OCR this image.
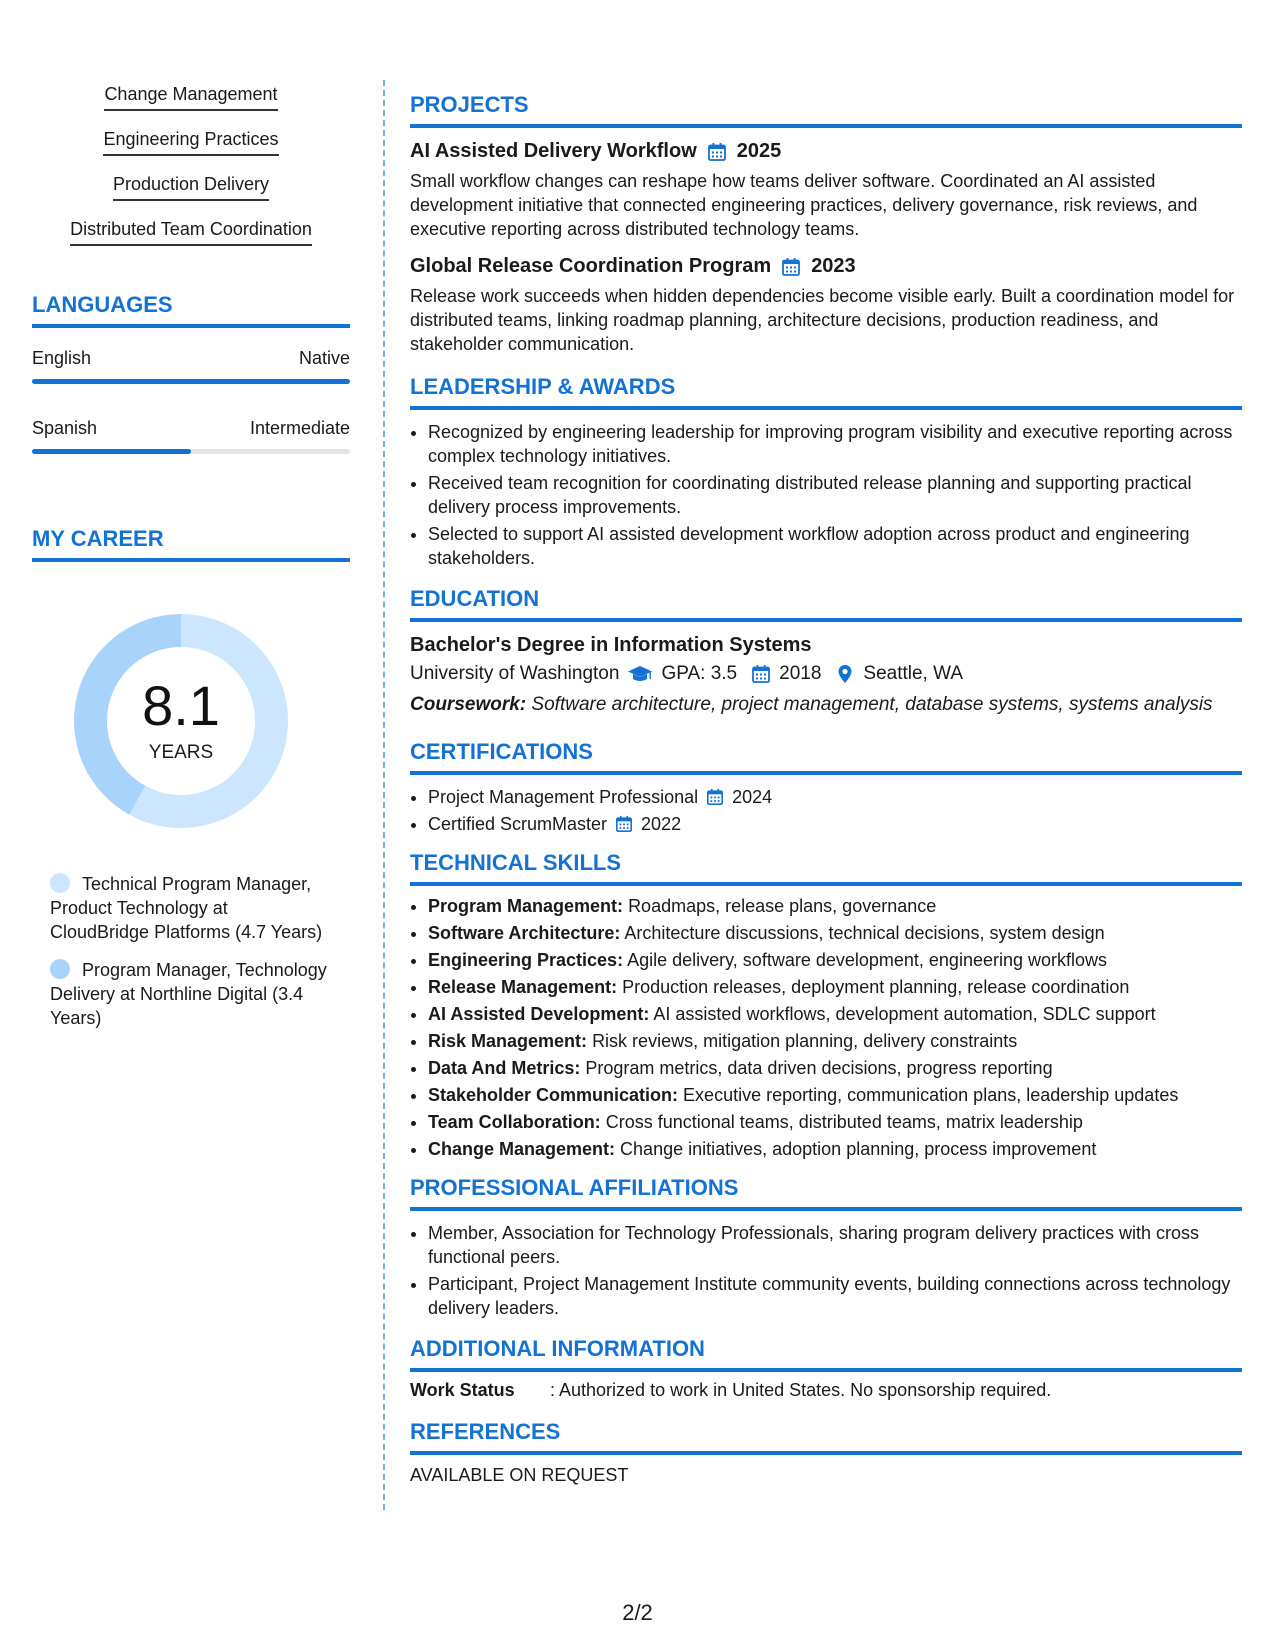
Change Management
Engineering Practices
Production Delivery
Distributed Team Coordination
LANGUAGES
English	Native
Spanish	Intermediate
MY CAREER
8.1
YEARS
Technical Program Manager, Product Technology at CloudBridge Platforms (4.7 Years)
Program Manager, Technology Delivery at Northline Digital (3.4 Years)
PROJECTS
AI Assisted Delivery Workflow 2025
Small workflow changes can reshape how teams deliver software. Coordinated an AI assisted development initiative that connected engineering practices, delivery governance, risk reviews, and executive reporting across distributed technology teams.
Global Release Coordination Program 2023
Release work succeeds when hidden dependencies become visible early. Built a coordination model for distributed teams, linking roadmap planning, architecture decisions, production readiness, and stakeholder communication.
LEADERSHIP & AWARDS
• Recognized by engineering leadership for improving program visibility and executive reporting across complex technology initiatives.
• Received team recognition for coordinating distributed release planning and supporting practical delivery process improvements.
• Selected to support AI assisted development workflow adoption across product and engineering stakeholders.
EDUCATION
Bachelor's Degree in Information Systems
University of Washington GPA: 3.5 2018 Seattle, WA
Coursework: Software architecture, project management, database systems, systems analysis
CERTIFICATIONS
• Project Management Professional 2024
• Certified ScrumMaster 2022
TECHNICAL SKILLS
• Program Management: Roadmaps, release plans, governance
• Software Architecture: Architecture discussions, technical decisions, system design
• Engineering Practices: Agile delivery, software development, engineering workflows
• Release Management: Production releases, deployment planning, release coordination
• AI Assisted Development: AI assisted workflows, development automation, SDLC support
• Risk Management: Risk reviews, mitigation planning, delivery constraints
• Data And Metrics: Program metrics, data driven decisions, progress reporting
• Stakeholder Communication: Executive reporting, communication plans, leadership updates
• Team Collaboration: Cross functional teams, distributed teams, matrix leadership
• Change Management: Change initiatives, adoption planning, process improvement
PROFESSIONAL AFFILIATIONS
• Member, Association for Technology Professionals, sharing program delivery practices with cross functional peers.
• Participant, Project Management Institute community events, building connections across technology delivery leaders.
ADDITIONAL INFORMATION
Work Status	: Authorized to work in United States. No sponsorship required.
REFERENCES
AVAILABLE ON REQUEST
2/2
